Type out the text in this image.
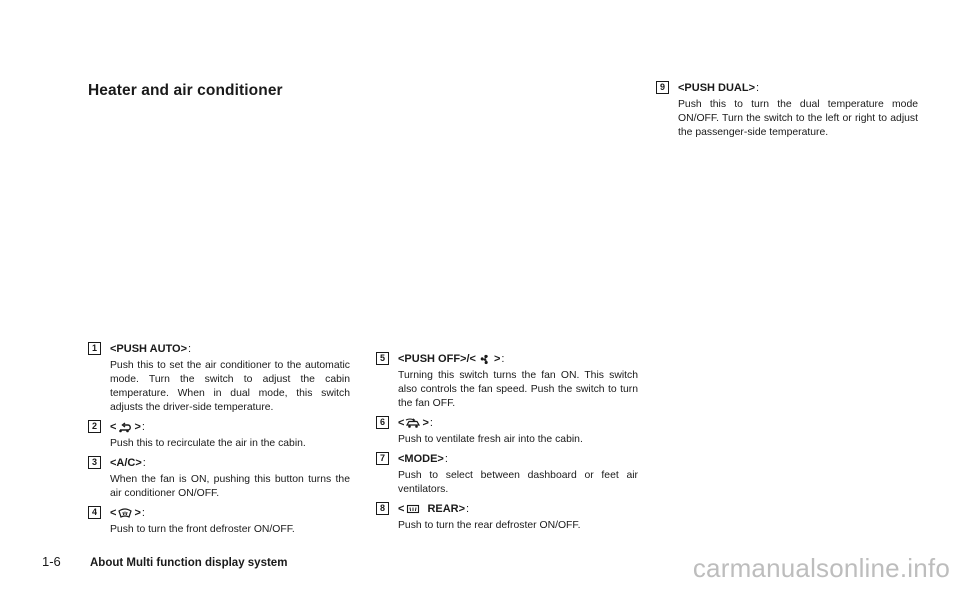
Heater and air conditioner
1	<PUSH AUTO> :

Push this to set the air conditioner to the automatic mode. Turn the switch to adjust the cabin temperature. When in dual mode, this switch adjusts the driver-side temperature.

2	< > :

Push this to recirculate the air in the cabin.

3	<A/C> :

When the fan is ON, pushing this button turns the air conditioner ON/OFF.

4	< > :

Push to turn the front defroster ON/OFF.

5	<PUSH OFF>/< > :

Turning this switch turns the fan ON. This switch also controls the fan speed. Push the switch to turn the fan OFF.

6	< > :

Push to ventilate fresh air into the cabin.

7	<MODE> :

Push to select between dashboard or feet air ventilators.

8	< REAR> :

Push to turn the rear defroster ON/OFF.

9	<PUSH DUAL> :

Push this to turn the dual temperature mode ON/OFF. Turn the switch to the left or right to adjust the passenger-side temperature.

1-6	About Multi function display system	carmanualsonline.info
